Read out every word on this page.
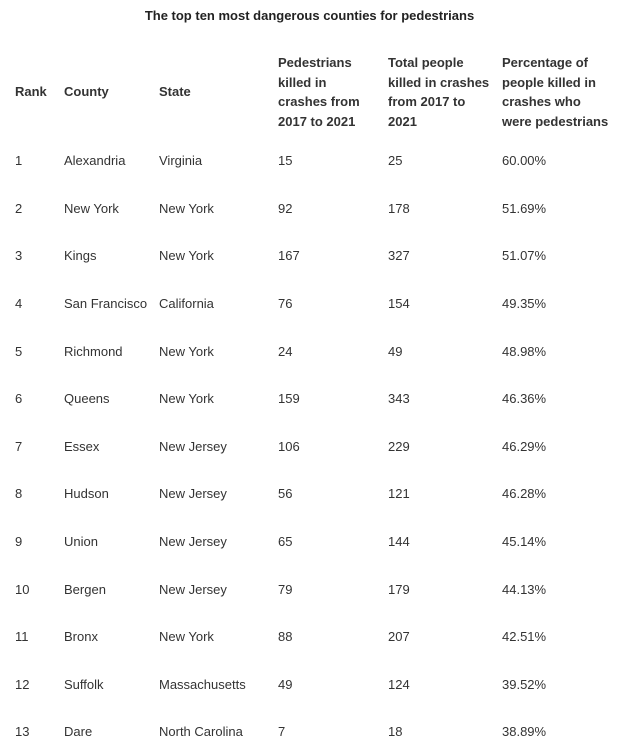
The top ten most dangerous counties for pedestrians
Rank	County	State	Pedestrians killed in crashes from 2017 to 2021	Total people killed in crashes from 2017 to 2021	Percentage of people killed in crashes who were pedestrians
1	Alexandria	Virginia	15	25	60.00%
2	New York	New York	92	178	51.69%
3	Kings	New York	167	327	51.07%
4	San Francisco	California	76	154	49.35%
5	Richmond	New York	24	49	48.98%
6	Queens	New York	159	343	46.36%
7	Essex	New Jersey	106	229	46.29%
8	Hudson	New Jersey	56	121	46.28%
9	Union	New Jersey	65	144	45.14%
10	Bergen	New Jersey	79	179	44.13%
11	Bronx	New York	88	207	42.51%
12	Suffolk	Massachusetts	49	124	39.52%
13	Dare	North Carolina	7	18	38.89%
